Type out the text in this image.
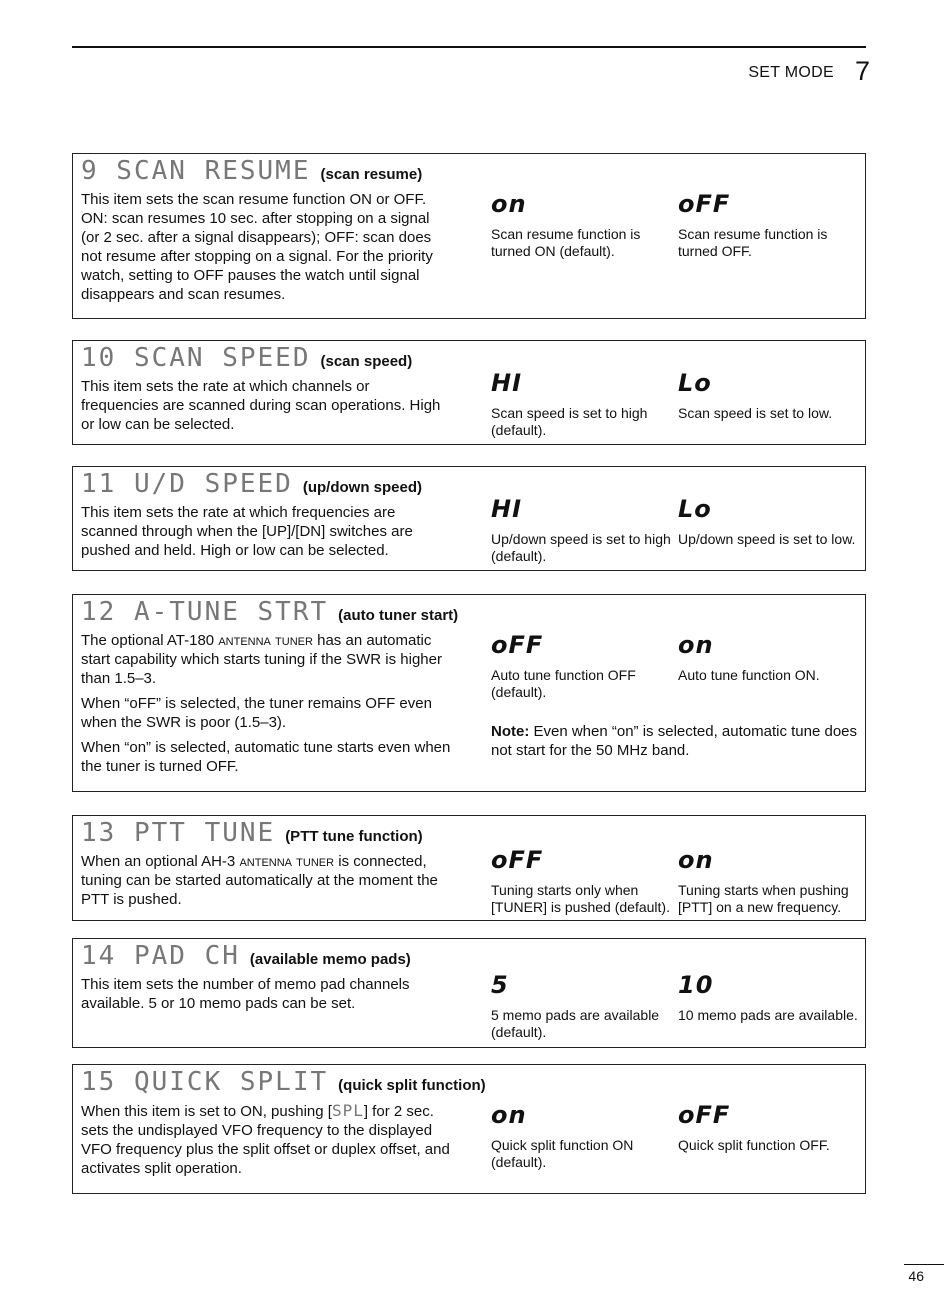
SET MODE 7
9 SCAN RESUME (scan resume)
This item sets the scan resume function ON or OFF. ON: scan resumes 10 sec. after stopping on a signal (or 2 sec. after a signal disappears); OFF: scan does not resume after stopping on a signal. For the priority watch, setting to OFF pauses the watch until signal disappears and scan resumes.
on
Scan resume function is turned ON (default).
oFF
Scan resume function is turned OFF.
10 SCAN SPEED (scan speed)
This item sets the rate at which channels or frequencies are scanned during scan operations. High or low can be selected.
HI
Scan speed is set to high (default).
Lo
Scan speed is set to low.
11 U/D SPEED (up/down speed)
This item sets the rate at which frequencies are scanned through when the [UP]/[DN] switches are pushed and held. High or low can be selected.
HI
Up/down speed is set to high (default).
Lo
Up/down speed is set to low.
12 A-TUNE STRT (auto tuner start)

The optional AT-180 antenna tuner has an automatic start capability which starts tuning if the SWR is higher than 1.5–3.

When “oFF” is selected, the tuner remains OFF even when the SWR is poor (1.5–3).

When “on” is selected, automatic tune starts even when the tuner is turned OFF.

oFF
Auto tune function OFF (default).
on
Auto tune function ON.
Note: Even when “on” is selected, automatic tune does not start for the 50 MHz band.
13 PTT TUNE (PTT tune function)

When an optional AH-3 antenna tuner is connected, tuning can be started automatically at the moment the PTT is pushed.

oFF
Tuning starts only when [TUNER] is pushed (default).
on
Tuning starts when pushing [PTT] on a new frequency.
14 PAD CH (available memo pads)
This item sets the number of memo pad channels available. 5 or 10 memo pads can be set.
5
5 memo pads are available (default).
10
10 memo pads are available.
15 QUICK SPLIT (quick split function)

When this item is set to ON, pushing [SPL] for 2 sec. sets the undisplayed VFO frequency to the displayed VFO frequency plus the split offset or duplex offset, and activates split operation.

on
Quick split function ON (default).
oFF
Quick split function OFF.
46
